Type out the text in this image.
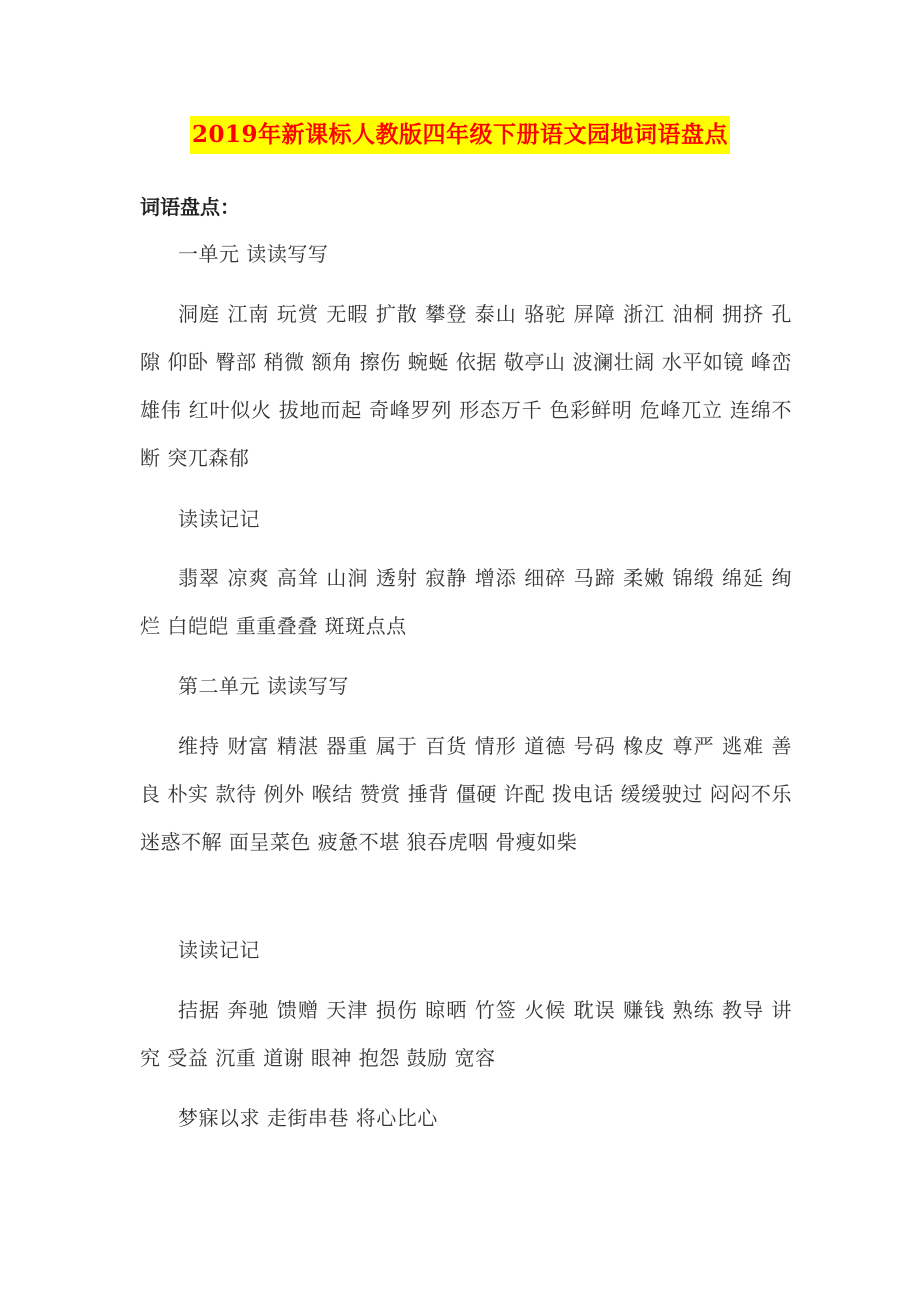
2019年新课标人教版四年级下册语文园地词语盘点
词语盘点：
一单元 读读写写
洞庭 江南 玩赏 无暇 扩散 攀登 泰山 骆驼 屏障 浙江 油桐 拥挤 孔隙 仰卧 臀部 稍微 额角 擦伤 蜿蜒 依据 敬亭山 波澜壮阔 水平如镜 峰峦雄伟 红叶似火 拔地而起 奇峰罗列 形态万千 色彩鲜明 危峰兀立 连绵不断 突兀森郁
读读记记
翡翠 凉爽 高耸 山涧 透射 寂静 增添 细碎 马蹄 柔嫩 锦缎 绵延 绚烂 白皑皑 重重叠叠 斑斑点点
第二单元 读读写写
维持 财富 精湛 器重 属于 百货 情形 道德 号码 橡皮 尊严 逃难 善良 朴实 款待 例外 喉结 赞赏 捶背 僵硬 许配 拨电话 缓缓驶过 闷闷不乐 迷惑不解 面呈菜色 疲惫不堪 狼吞虎咽 骨瘦如柴
读读记记
拮据 奔驰 馈赠 天津 损伤 晾晒 竹签 火候 耽误 赚钱 熟练 教导 讲究 受益 沉重 道谢 眼神 抱怨 鼓励 宽容
梦寐以求 走街串巷 将心比心
